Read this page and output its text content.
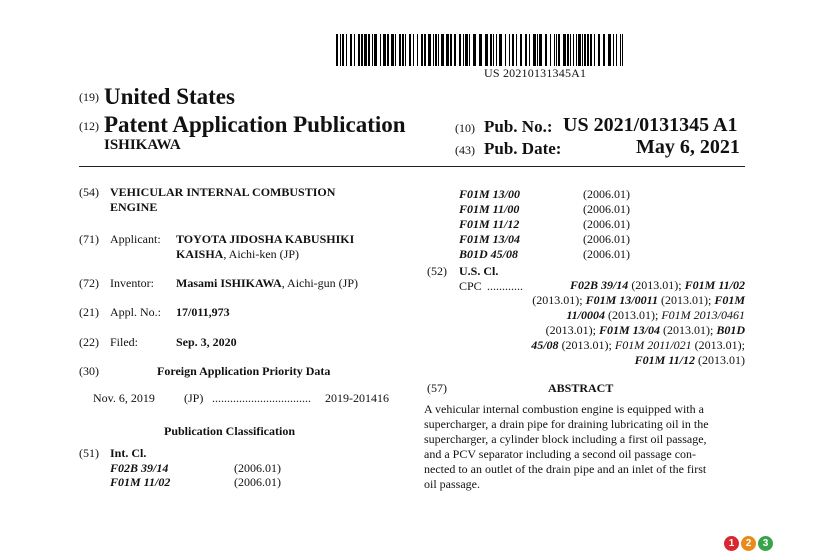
US 20210131345A1
(19) United States
(12) Patent Application Publication
ISHIKAWA
(10) Pub. No.: US 2021/0131345 A1
(43) Pub. Date:	May 6, 2021
(54) VEHICULAR INTERNAL COMBUSTION
ENGINE
(71) Applicant: TOYOTA JIDOSHA KABUSHIKI
KAISHA, Aichi-ken (JP)
(72) Inventor: Masami ISHIKAWA, Aichi-gun (JP)
(21) Appl. No.: 17/011,973
(22) Filed:	Sep. 3, 2020
(30)	Foreign Application Priority Data
Nov. 6, 2019 (JP) ................................. 2019-201416
Publication Classification
(51) Int. Cl.
F02B 39/14	(2006.01)
F01M 11/02	(2006.01)
F01M 13/00	(2006.01)
F01M 11/00	(2006.01)
F01M 11/12	(2006.01)
F01M 13/04	(2006.01)
B01D 45/08	(2006.01)
(52) U.S. Cl.
CPC ............	F02B 39/14 (2013.01); F01M 11/02
(2013.01); F01M 13/0011 (2013.01); F01M
11/0004 (2013.01); F01M 2013/0461
(2013.01); F01M 13/04 (2013.01); B01D
45/08 (2013.01); F01M 2011/021 (2013.01);
F01M 11/12 (2013.01)
(57)	ABSTRACT
A vehicular internal combustion engine is equipped with a
supercharger, a drain pipe for draining lubricating oil in the
supercharger, a cylinder block including a first oil passage,
and a PCV separator including a second oil passage con-
nected to an outlet of the drain pipe and an inlet of the first
oil passage.
1	2	3
